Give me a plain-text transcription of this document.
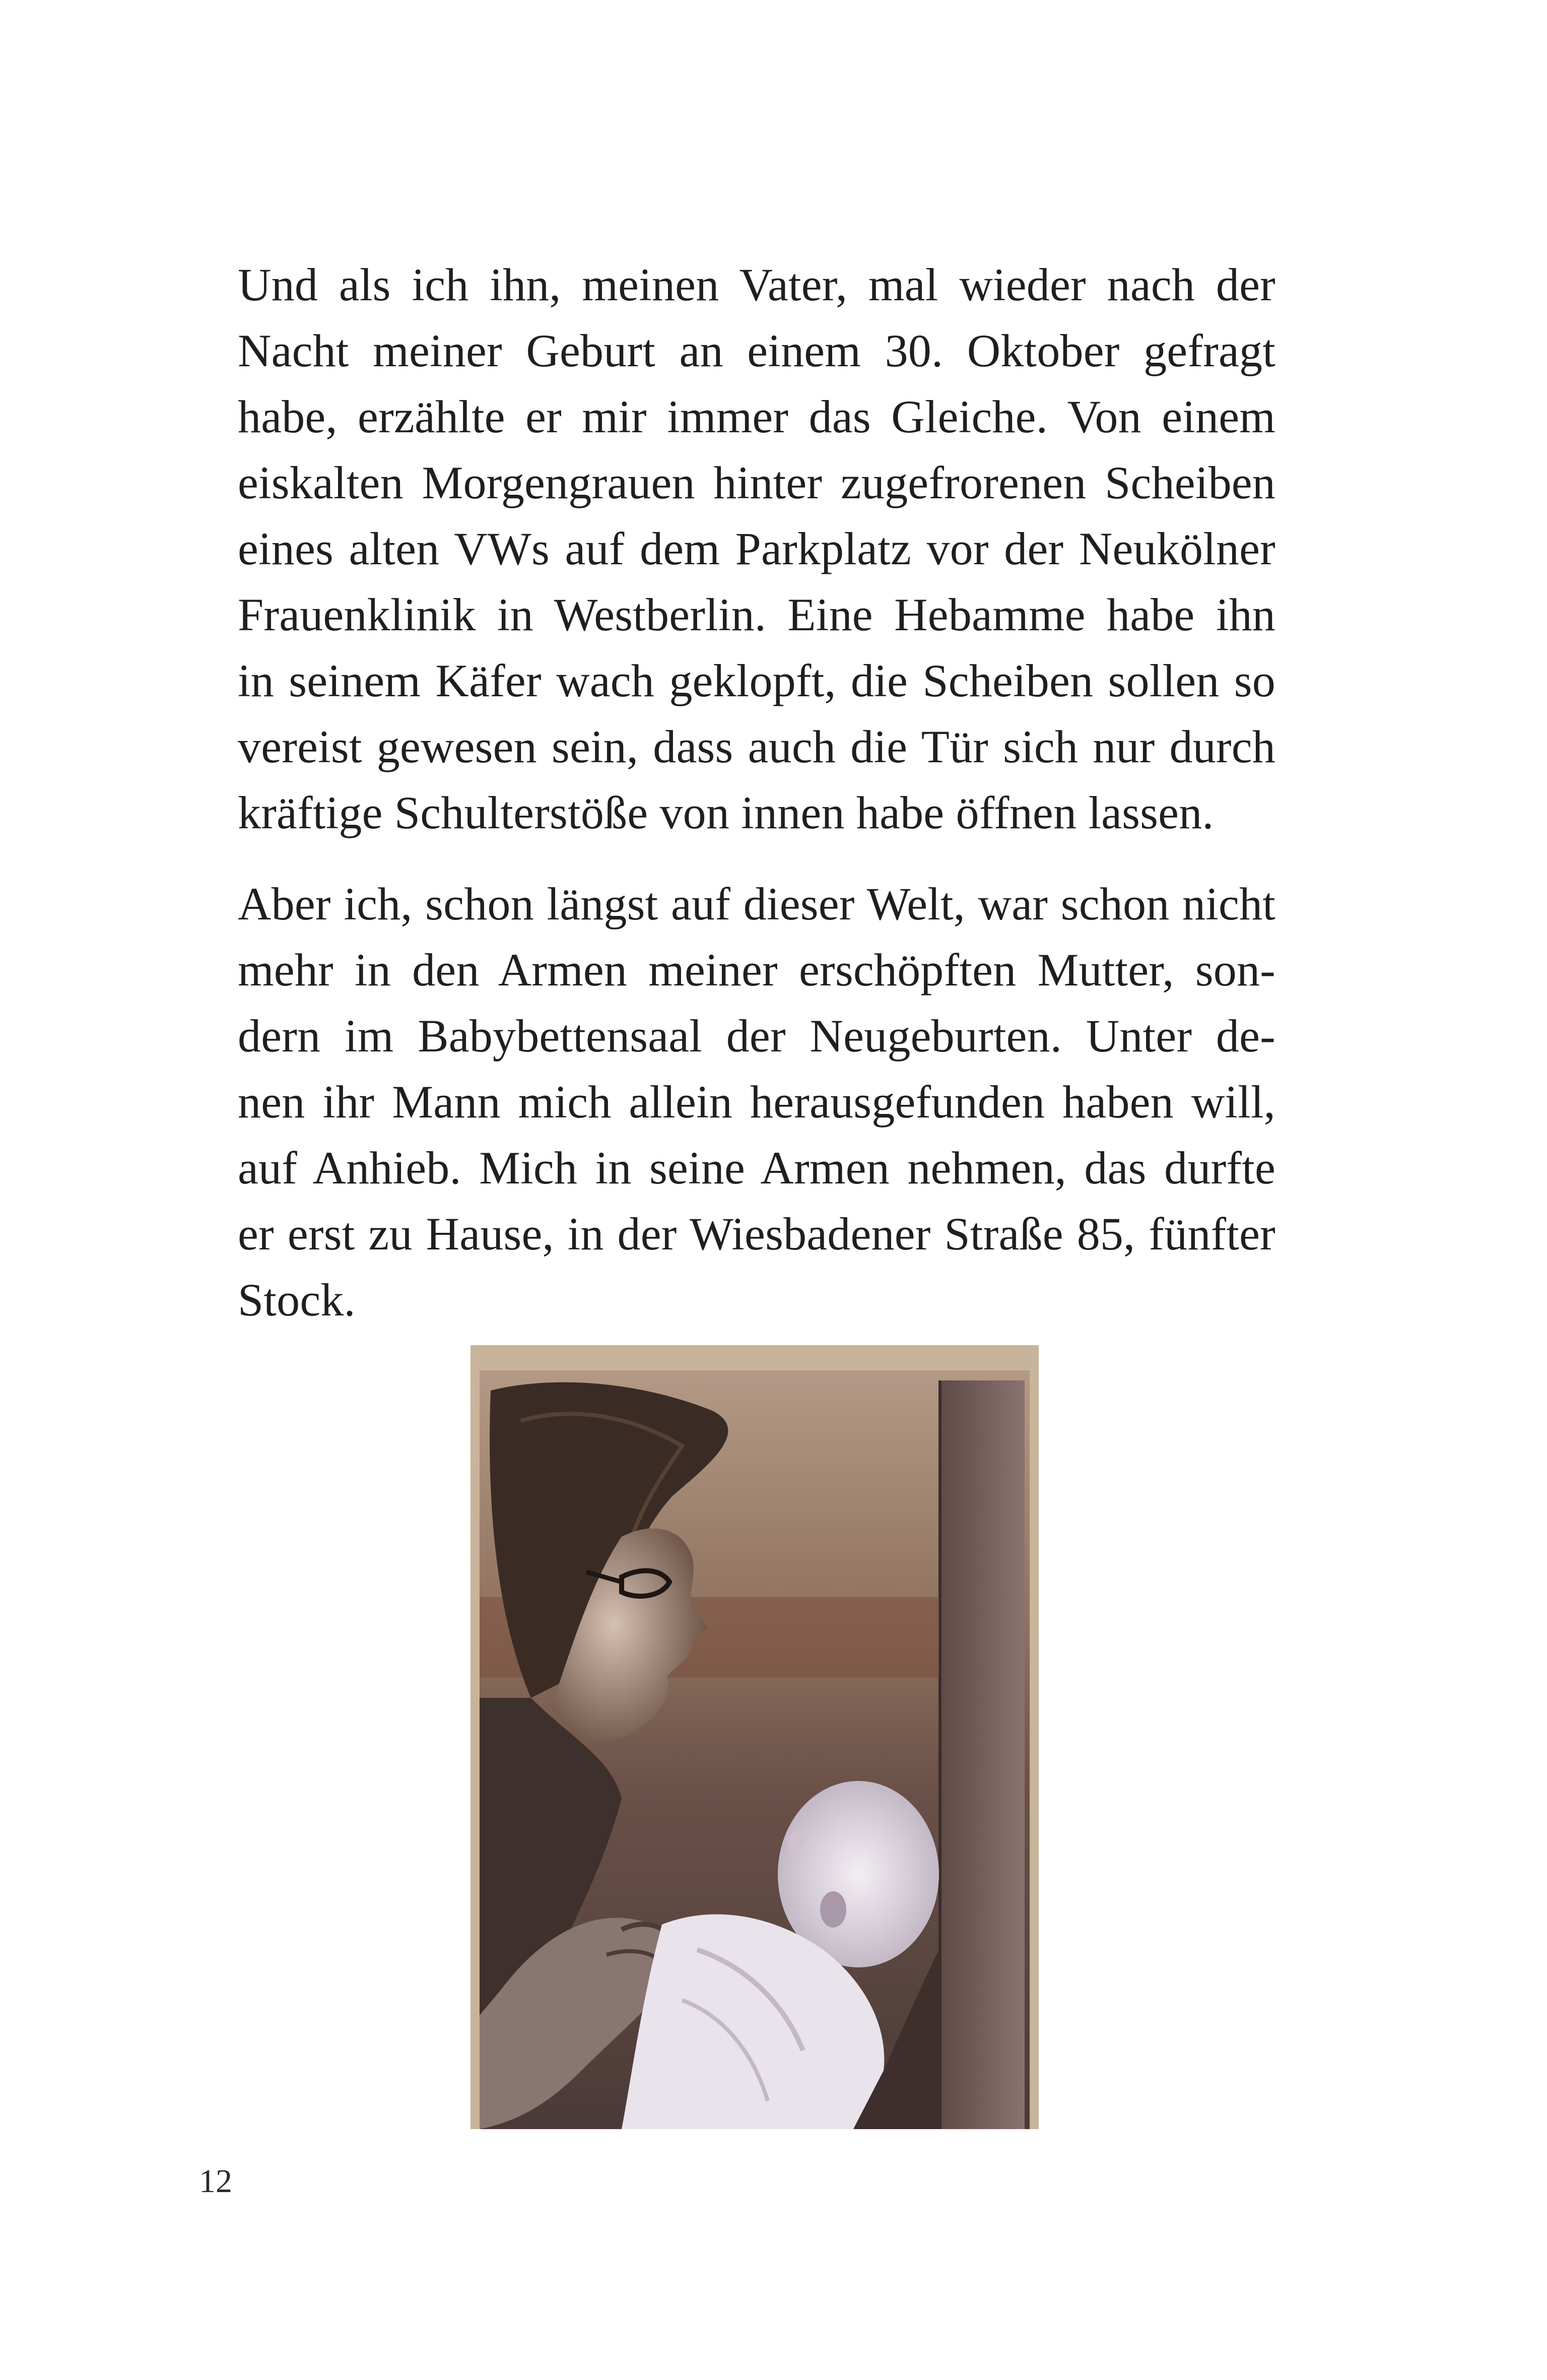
Und als ich ihn, meinen Vater, mal wieder nach der
Nacht meiner Geburt an einem 30. Oktober gefragt
habe, erzählte er mir immer das Gleiche. Von einem
eiskalten Morgengrauen hinter zugefrorenen Scheiben
eines alten VWs auf dem Parkplatz vor der Neukölner
Frauenklinik in Westberlin. Eine Hebamme habe ihn
in seinem Käfer wach geklopft, die Scheiben sollen so
vereist gewesen sein, dass auch die Tür sich nur durch
kräftige Schulterstöße von innen habe öffnen lassen.
Aber ich, schon längst auf dieser Welt, war schon nicht
mehr in den Armen meiner erschöpften Mutter, son-
dern im Babybettensaal der Neugeburten. Unter de-
nen ihr Mann mich allein herausgefunden haben will,
auf Anhieb. Mich in seine Armen nehmen, das durfte
er erst zu Hause, in der Wiesbadener Straße 85, fünfter
Stock.
12
